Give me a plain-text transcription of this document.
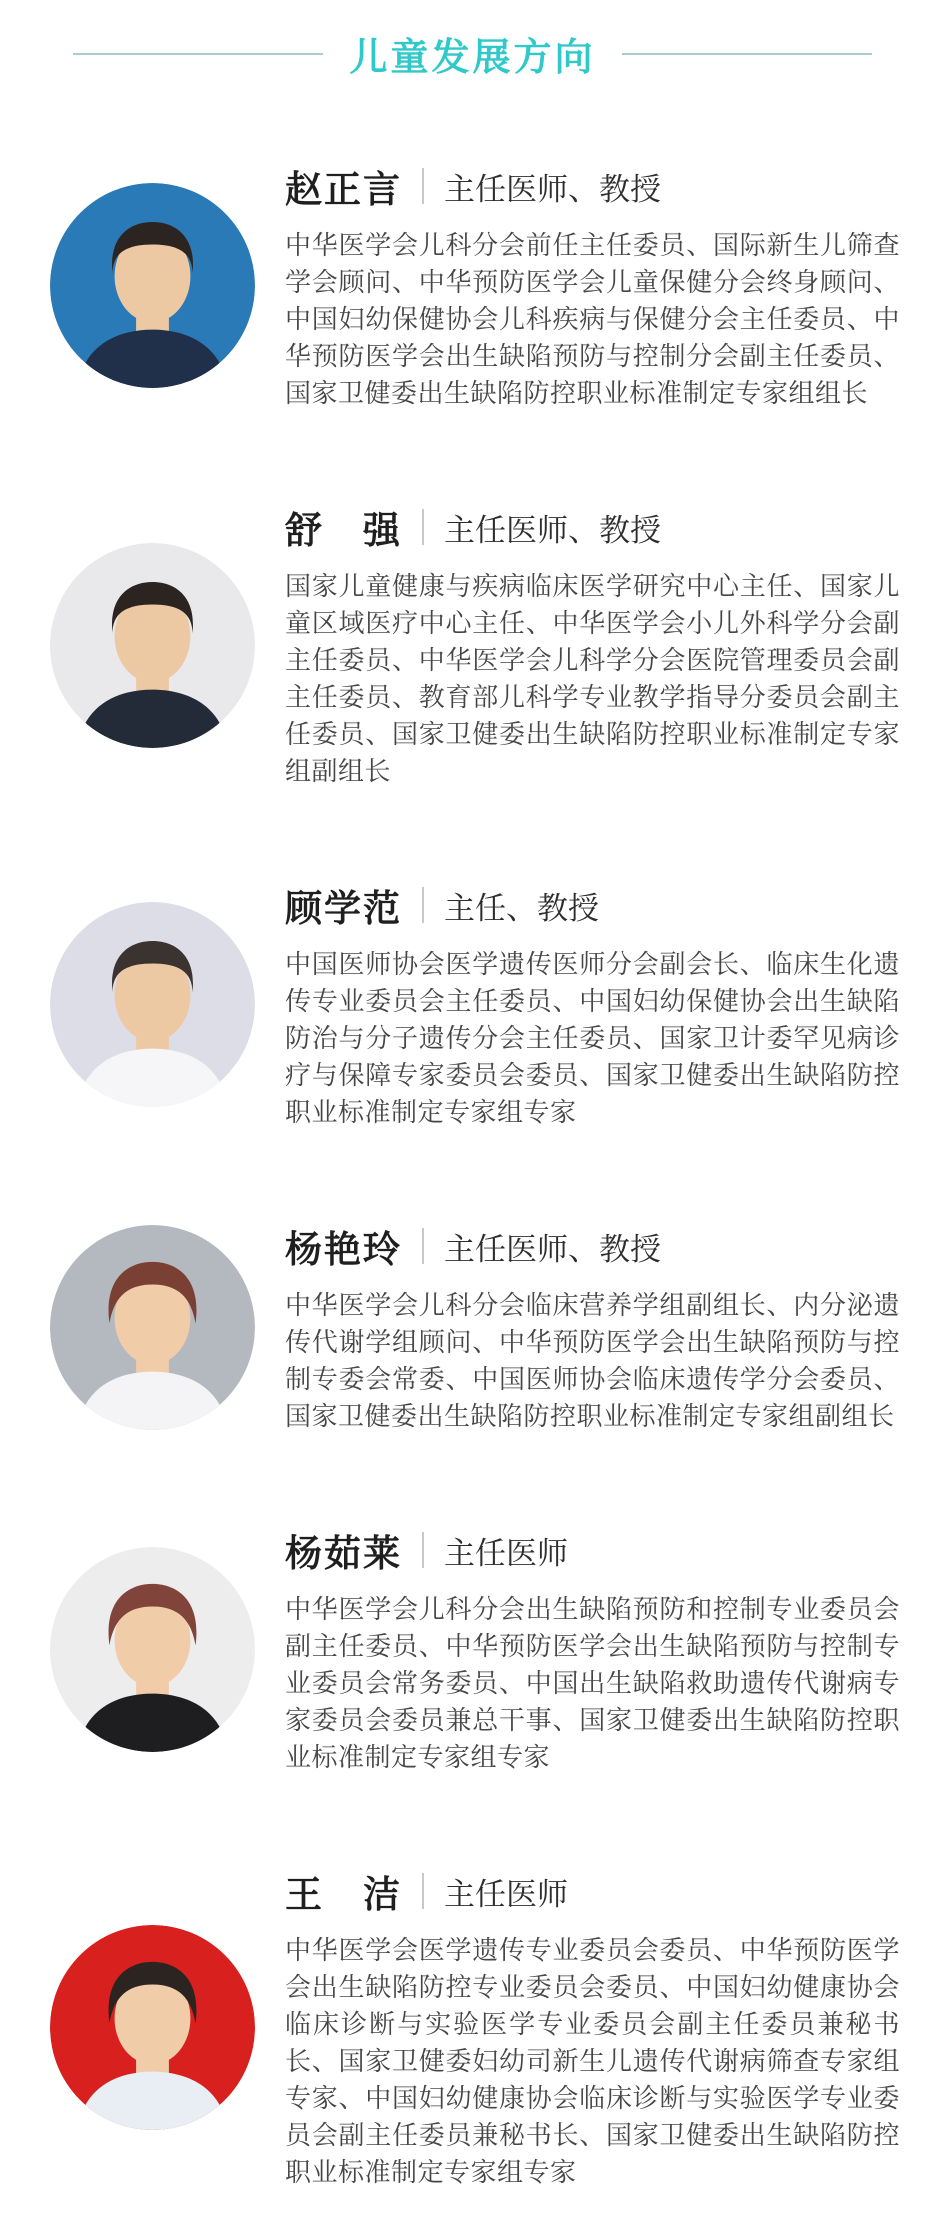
儿童发展方向
赵正言 主任医师、教授

中华医学会儿科分会前任主任委员、国际新生儿筛查学会顾问、中华预防医学会儿童保健分会终身顾问、中国妇幼保健协会儿科疾病与保健分会主任委员、中华预防医学会出生缺陷预防与控制分会副主任委员、国家卫健委出生缺陷防控职业标准制定专家组组长

舒　强 主任医师、教授

国家儿童健康与疾病临床医学研究中心主任、国家儿童区域医疗中心主任、中华医学会小儿外科学分会副主任委员、中华医学会儿科学分会医院管理委员会副主任委员、教育部儿科学专业教学指导分委员会副主任委员、国家卫健委出生缺陷防控职业标准制定专家组副组长

顾学范 主任、教授

中国医师协会医学遗传医师分会副会长、临床生化遗传专业委员会主任委员、中国妇幼保健协会出生缺陷防治与分子遗传分会主任委员、国家卫计委罕见病诊疗与保障专家委员会委员、国家卫健委出生缺陷防控职业标准制定专家组专家

杨艳玲 主任医师、教授

中华医学会儿科分会临床营养学组副组长、内分泌遗传代谢学组顾问、中华预防医学会出生缺陷预防与控制专委会常委、中国医师协会临床遗传学分会委员、国家卫健委出生缺陷防控职业标准制定专家组副组长

杨茹莱 主任医师

中华医学会儿科分会出生缺陷预防和控制专业委员会副主任委员、中华预防医学会出生缺陷预防与控制专业委员会常务委员、中国出生缺陷救助遗传代谢病专家委员会委员兼总干事、国家卫健委出生缺陷防控职业标准制定专家组专家

王　洁 主任医师

中华医学会医学遗传专业委员会委员、中华预防医学会出生缺陷防控专业委员会委员、中国妇幼健康协会临床诊断与实验医学专业委员会副主任委员兼秘书长、国家卫健委妇幼司新生儿遗传代谢病筛查专家组专家、中国妇幼健康协会临床诊断与实验医学专业委员会副主任委员兼秘书长、国家卫健委出生缺陷防控职业标准制定专家组专家
